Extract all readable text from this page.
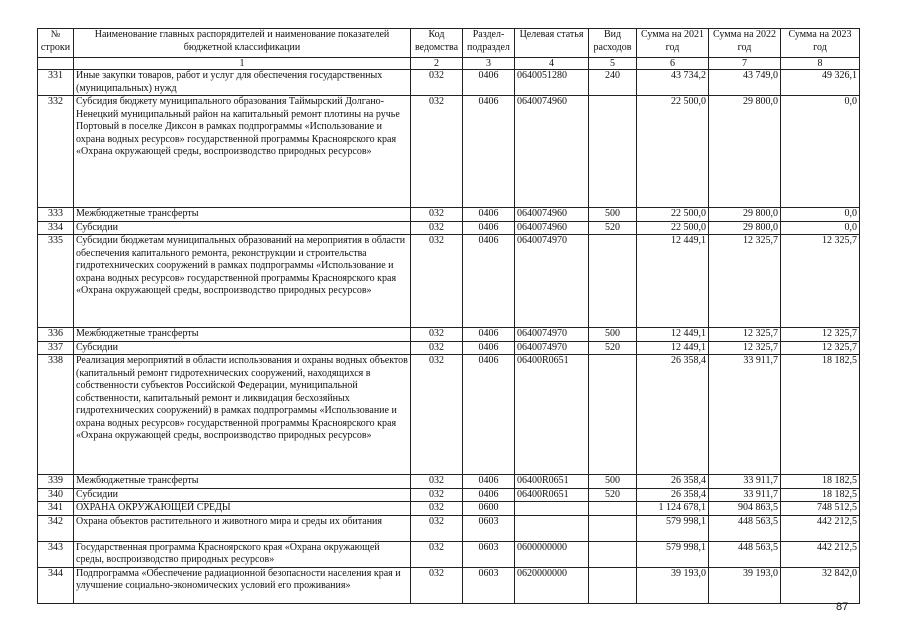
№ строки	Наименование главных распорядителей и наименование показателей бюджетной классификации	Код ведомства	Раздел-подраздел	Целевая статья	Вид расходов	Сумма на 2021 год	Сумма на 2022 год	Сумма на 2023 год
	1	2	3	4	5	6	7	8
331	Иные закупки товаров, работ и услуг для обеспечения государственных (муниципальных) нужд	032	0406	0640051280	240	43 734,2	43 749,0	49 326,1
332	Субсидия бюджету муниципального образования Таймырский Долгано-Ненецкий муниципальный район на капитальный ремонт плотины на ручье Портовый в поселке Диксон в рамках подпрограммы «Использование и охрана водных ресурсов» государственной программы Красноярского края «Охрана окружающей среды, воспроизводство природных ресурсов»	032	0406	0640074960		22 500,0	29 800,0	0,0
333	Межбюджетные трансферты	032	0406	0640074960	500	22 500,0	29 800,0	0,0
334	Субсидии	032	0406	0640074960	520	22 500,0	29 800,0	0,0
335	Субсидии бюджетам муниципальных образований на мероприятия в области обеспечения капитального ремонта, реконструкции и строительства гидротехнических сооружений в рамках подпрограммы «Использование и охрана водных ресурсов» государственной программы Красноярского края «Охрана окружающей среды, воспроизводство природных ресурсов»	032	0406	0640074970		12 449,1	12 325,7	12 325,7
336	Межбюджетные трансферты	032	0406	0640074970	500	12 449,1	12 325,7	12 325,7
337	Субсидии	032	0406	0640074970	520	12 449,1	12 325,7	12 325,7
338	Реализация мероприятий в области использования и охраны водных объектов (капитальный ремонт гидротехнических сооружений, находящихся в собственности субъектов Российской Федерации, муниципальной собственности, капитальный ремонт и ликвидация бесхозяйных гидротехнических сооружений) в рамках подпрограммы «Использование и охрана водных ресурсов» государственной программы Красноярского края «Охрана окружающей среды, воспроизводство природных ресурсов»	032	0406	06400R0651		26 358,4	33 911,7	18 182,5
339	Межбюджетные трансферты	032	0406	06400R0651	500	26 358,4	33 911,7	18 182,5
340	Субсидии	032	0406	06400R0651	520	26 358,4	33 911,7	18 182,5
341	ОХРАНА ОКРУЖАЮЩЕЙ СРЕДЫ	032	0600			1 124 678,1	904 863,5	748 512,5
342	Охрана объектов растительного и животного мира и среды их обитания	032	0603			579 998,1	448 563,5	442 212,5
343	Государственная программа Красноярского края «Охрана окружающей среды, воспроизводство природных ресурсов»	032	0603	0600000000		579 998,1	448 563,5	442 212,5
344	Подпрограмма «Обеспечение радиационной безопасности населения края и улучшение социально-экономических условий его проживания»	032	0603	0620000000		39 193,0	39 193,0	32 842,0
87
